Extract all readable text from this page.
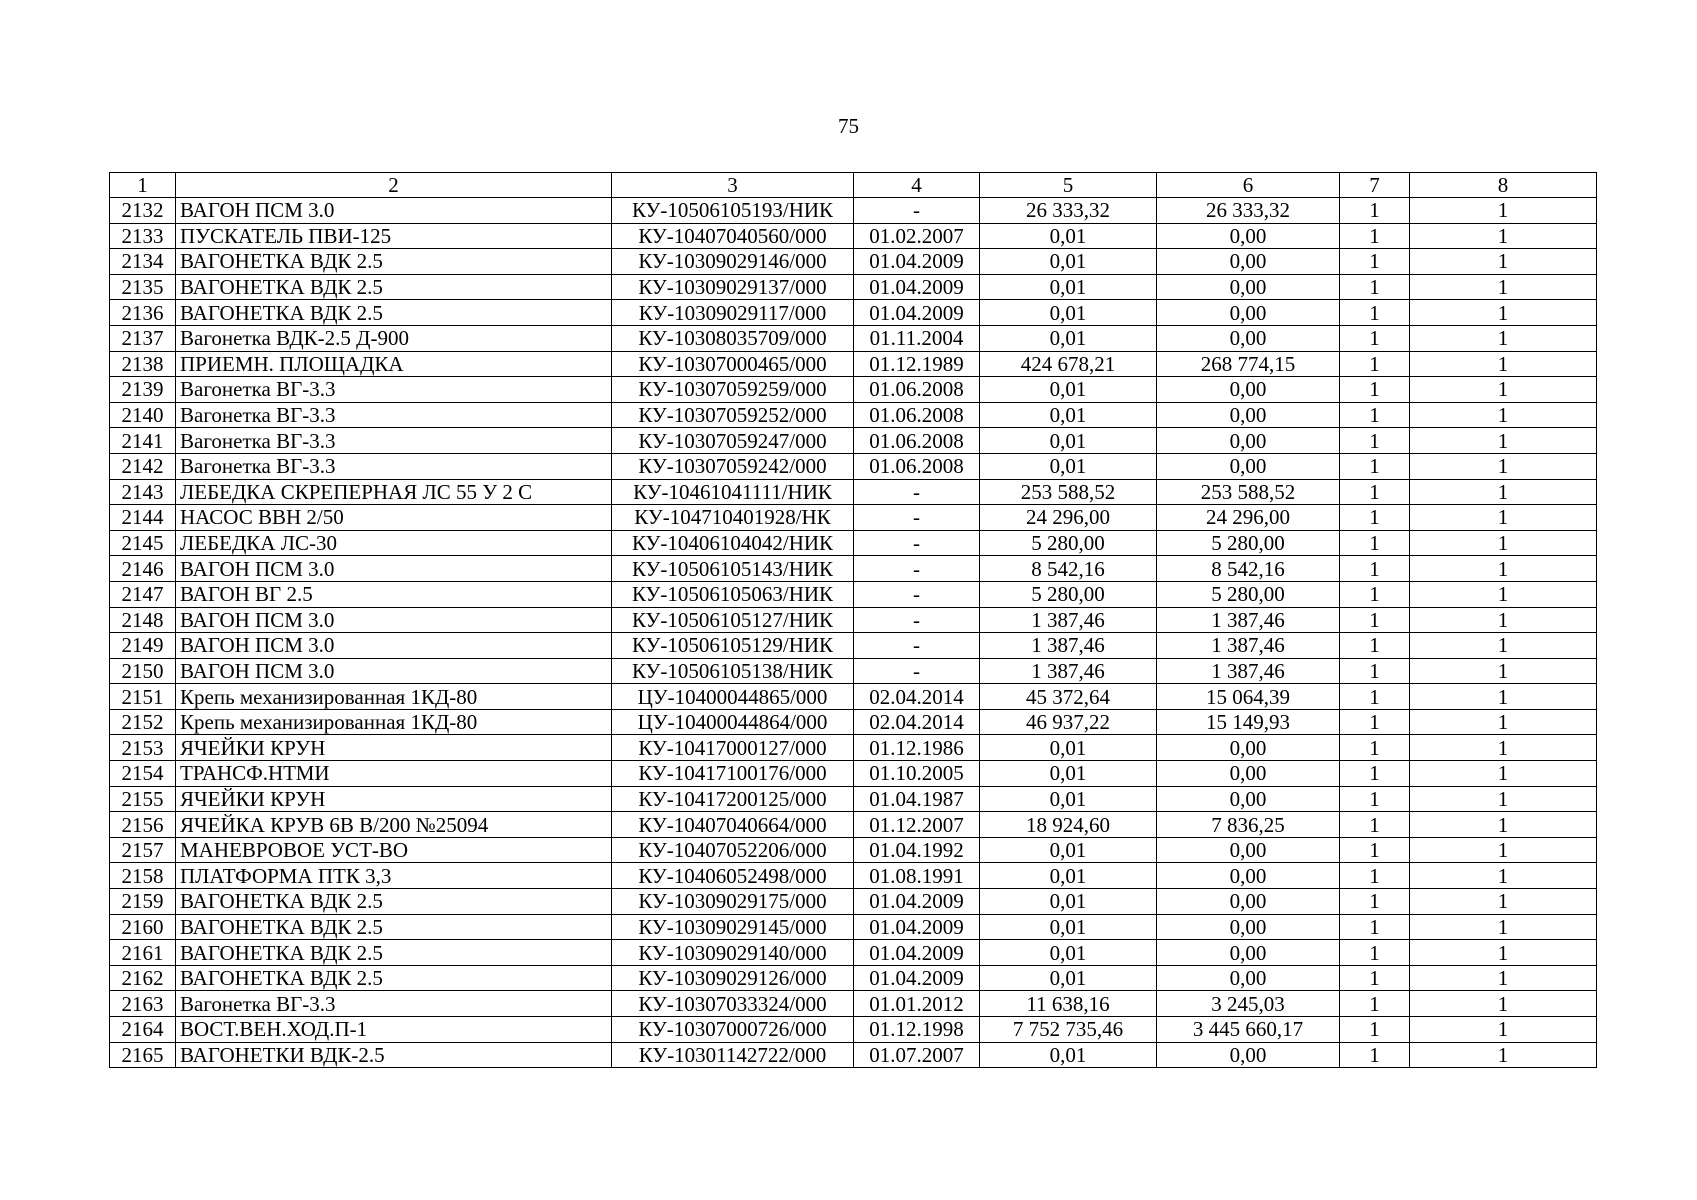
75
1	2	3	4	5	6	7	8
2132	ВАГОН ПСМ 3.0	КУ-10506105193/НИК	-	26 333,32	26 333,32	1	1
2133	ПУСКАТЕЛЬ ПВИ-125	КУ-10407040560/000	01.02.2007	0,01	0,00	1	1
2134	ВАГОНЕТКА ВДК 2.5	КУ-10309029146/000	01.04.2009	0,01	0,00	1	1
2135	ВАГОНЕТКА ВДК 2.5	КУ-10309029137/000	01.04.2009	0,01	0,00	1	1
2136	ВАГОНЕТКА ВДК 2.5	КУ-10309029117/000	01.04.2009	0,01	0,00	1	1
2137	Вагонетка ВДК-2.5 Д-900	КУ-10308035709/000	01.11.2004	0,01	0,00	1	1
2138	ПРИЕМН. ПЛОЩАДКА	КУ-10307000465/000	01.12.1989	424 678,21	268 774,15	1	1
2139	Вагонетка ВГ-3.3	КУ-10307059259/000	01.06.2008	0,01	0,00	1	1
2140	Вагонетка ВГ-3.3	КУ-10307059252/000	01.06.2008	0,01	0,00	1	1
2141	Вагонетка ВГ-3.3	КУ-10307059247/000	01.06.2008	0,01	0,00	1	1
2142	Вагонетка ВГ-3.3	КУ-10307059242/000	01.06.2008	0,01	0,00	1	1
2143	ЛЕБЕДКА СКРЕПЕРНАЯ ЛС 55 У 2 С	КУ-10461041111/НИК	-	253 588,52	253 588,52	1	1
2144	НАСОС ВВН 2/50	КУ-104710401928/НК	-	24 296,00	24 296,00	1	1
2145	ЛЕБЕДКА ЛС-30	КУ-10406104042/НИК	-	5 280,00	5 280,00	1	1
2146	ВАГОН ПСМ 3.0	КУ-10506105143/НИК	-	8 542,16	8 542,16	1	1
2147	ВАГОН ВГ 2.5	КУ-10506105063/НИК	-	5 280,00	5 280,00	1	1
2148	ВАГОН ПСМ 3.0	КУ-10506105127/НИК	-	1 387,46	1 387,46	1	1
2149	ВАГОН ПСМ 3.0	КУ-10506105129/НИК	-	1 387,46	1 387,46	1	1
2150	ВАГОН ПСМ 3.0	КУ-10506105138/НИК	-	1 387,46	1 387,46	1	1
2151	Крепь механизированная 1КД-80	ЦУ-10400044865/000	02.04.2014	45 372,64	15 064,39	1	1
2152	Крепь механизированная 1КД-80	ЦУ-10400044864/000	02.04.2014	46 937,22	15 149,93	1	1
2153	ЯЧЕЙКИ КРУН	КУ-10417000127/000	01.12.1986	0,01	0,00	1	1
2154	ТРАНСФ.НТМИ	КУ-10417100176/000	01.10.2005	0,01	0,00	1	1
2155	ЯЧЕЙКИ КРУН	КУ-10417200125/000	01.04.1987	0,01	0,00	1	1
2156	ЯЧЕЙКА КРУВ 6В В/200 №25094	КУ-10407040664/000	01.12.2007	18 924,60	7 836,25	1	1
2157	МАНЕВРОВОЕ УСТ-ВО	КУ-10407052206/000	01.04.1992	0,01	0,00	1	1
2158	ПЛАТФОРМА ПТК 3,3	КУ-10406052498/000	01.08.1991	0,01	0,00	1	1
2159	ВАГОНЕТКА ВДК 2.5	КУ-10309029175/000	01.04.2009	0,01	0,00	1	1
2160	ВАГОНЕТКА ВДК 2.5	КУ-10309029145/000	01.04.2009	0,01	0,00	1	1
2161	ВАГОНЕТКА ВДК 2.5	КУ-10309029140/000	01.04.2009	0,01	0,00	1	1
2162	ВАГОНЕТКА ВДК 2.5	КУ-10309029126/000	01.04.2009	0,01	0,00	1	1
2163	Вагонетка ВГ-3.3	КУ-10307033324/000	01.01.2012	11 638,16	3 245,03	1	1
2164	ВОСТ.ВЕН.ХОД.П-1	КУ-10307000726/000	01.12.1998	7 752 735,46	3 445 660,17	1	1
2165	ВАГОНЕТКИ ВДК-2.5	КУ-10301142722/000	01.07.2007	0,01	0,00	1	1
